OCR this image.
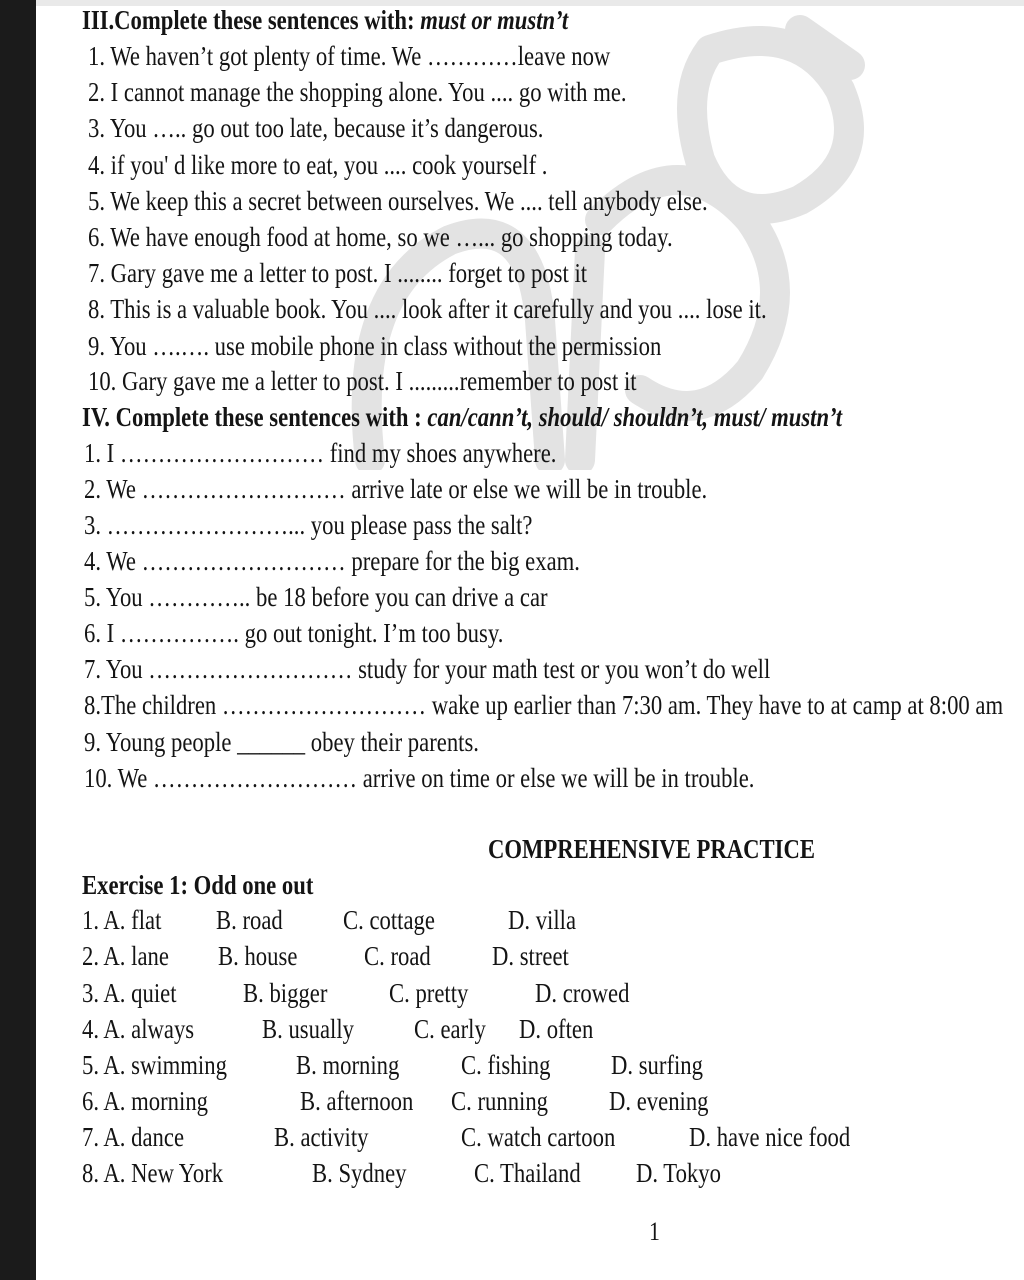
III.Complete these sentences with: must or mustn’t
1. We haven’t got plenty of time. We …………leave now
2. I cannot manage the shopping alone. You .... go with me.
3. You ….. go out too late, because it’s dangerous.
4. if you' d like more to eat, you .... cook yourself .
5. We keep this a secret between ourselves. We .... tell anybody else.
6. We have enough food at home, so we …... go shopping today.
7. Gary gave me a letter to post. I ........ forget to post it
8. This is a valuable book. You .... look after it carefully and you .... lose it.
9. You ….…. use mobile phone in class without the permission
10. Gary gave me a letter to post. I .........remember to post it
IV. Complete these sentences with : can/cann’t, should/ shouldn’t, must/ mustn’t
1. I ……………………… find my shoes anywhere.
2. We ……………………… arrive late or else we will be in trouble.
3. ……………………... you please pass the salt?
4. We ……………………… prepare for the big exam.
5. You ………….. be 18 before you can drive a car
6. I ……………. go out tonight. I’m too busy.
7. You ……………………… study for your math test or you won’t do well
8.The children ……………………… wake up earlier than 7:30 am. They have to at camp at 8:00 am
9. Young people ______ obey their parents.
10. We ……………………… arrive on time or else we will be in trouble.
COMPREHENSIVE PRACTICE
Exercise 1: Odd one out
1. A. flat B. road C. cottage	D. villa
2. A. lane B. house C. road D. street
3. A. quiet B. bigger C. pretty D. crowed
4. A. always	B. usually C. early D. often
5. A. swimming	B. morning C. fishing D. surfing
6. A. morning	B. afternoon C. running D. evening
7. A. dance	B. activity	C. watch cartoon	D. have nice food
8. A. New York	B. Sydney C. Thailand D. Tokyo
1
